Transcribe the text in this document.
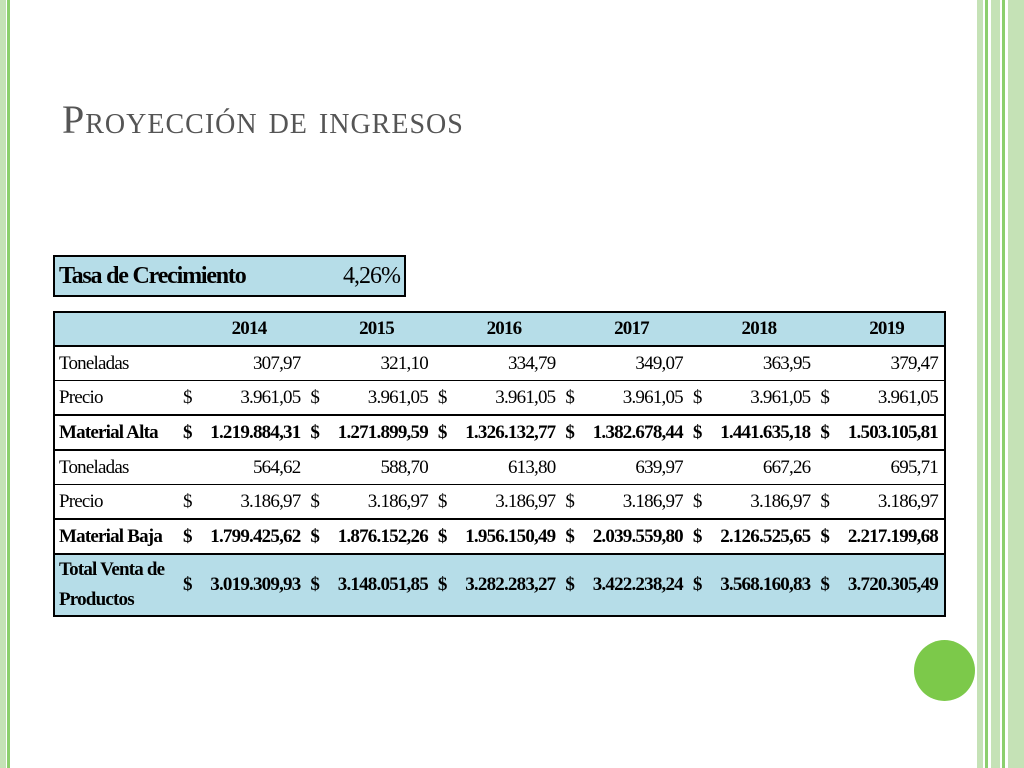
Proyección de ingresos
Tasa de Crecimiento	4,26%
	2014		2015		2016		2017		2018		2019	
Toneladas		307,97		321,10		334,79		349,07		363,95		379,47
Precio	$	3.961,05	$	3.961,05	$	3.961,05	$	3.961,05	$	3.961,05	$	3.961,05
Material Alta	$	1.219.884,31	$	1.271.899,59	$	1.326.132,77	$	1.382.678,44	$	1.441.635,18	$	1.503.105,81
Toneladas		564,62		588,70		613,80		639,97		667,26		695,71
Precio	$	3.186,97	$	3.186,97	$	3.186,97	$	3.186,97	$	3.186,97	$	3.186,97
Material Baja	$	1.799.425,62	$	1.876.152,26	$	1.956.150,49	$	2.039.559,80	$	2.126.525,65	$	2.217.199,68
Total Venta de
Productos	$	3.019.309,93	$	3.148.051,85	$	3.282.283,27	$	3.422.238,24	$	3.568.160,83	$	3.720.305,49
